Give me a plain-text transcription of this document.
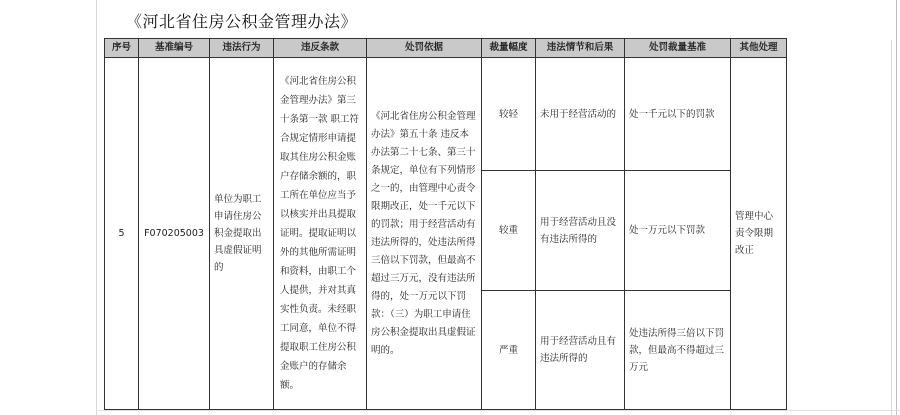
《河北省住房公积金管理办法》
序号	基准编号	违法行为	违反条款	处罚依据	裁量幅度	违法情节和后果	处罚裁量基准	其他处理
5	F070205003	单位为职工申请住房公积金提取出具虚假证明的	《河北省住房公积金管理办法》第三十条第一款 职工符合规定情形申请提取其住房公积金账户存储余额的，职工所在单位应当予以核实并出具提取证明。提取证明以外的其他所需证明和资料，由职工个人提供，并对其真实性负责。未经职工同意，单位不得提取职工住房公积金账户的存储余额。	《河北省住房公积金管理办法》第五十条 违反本办法第二十七条、第三十条规定，单位有下列情形之一的，由管理中心责令限期改正，处一千元以下的罚款；用于经营活动有违法所得的，处违法所得三倍以下罚款，但最高不超过三万元，没有违法所得的，处一万元以下罚款：（三）为职工申请住房公积金提取出具虚假证明的。	较轻	未用于经营活动的	处一千元以下的罚款	管理中心责令限期改正
					较重	用于经营活动且没有违法所得的	处一万元以下罚款	
					严重	用于经营活动且有违法所得的	处违法所得三倍以下罚款，但最高不得超过三万元	
